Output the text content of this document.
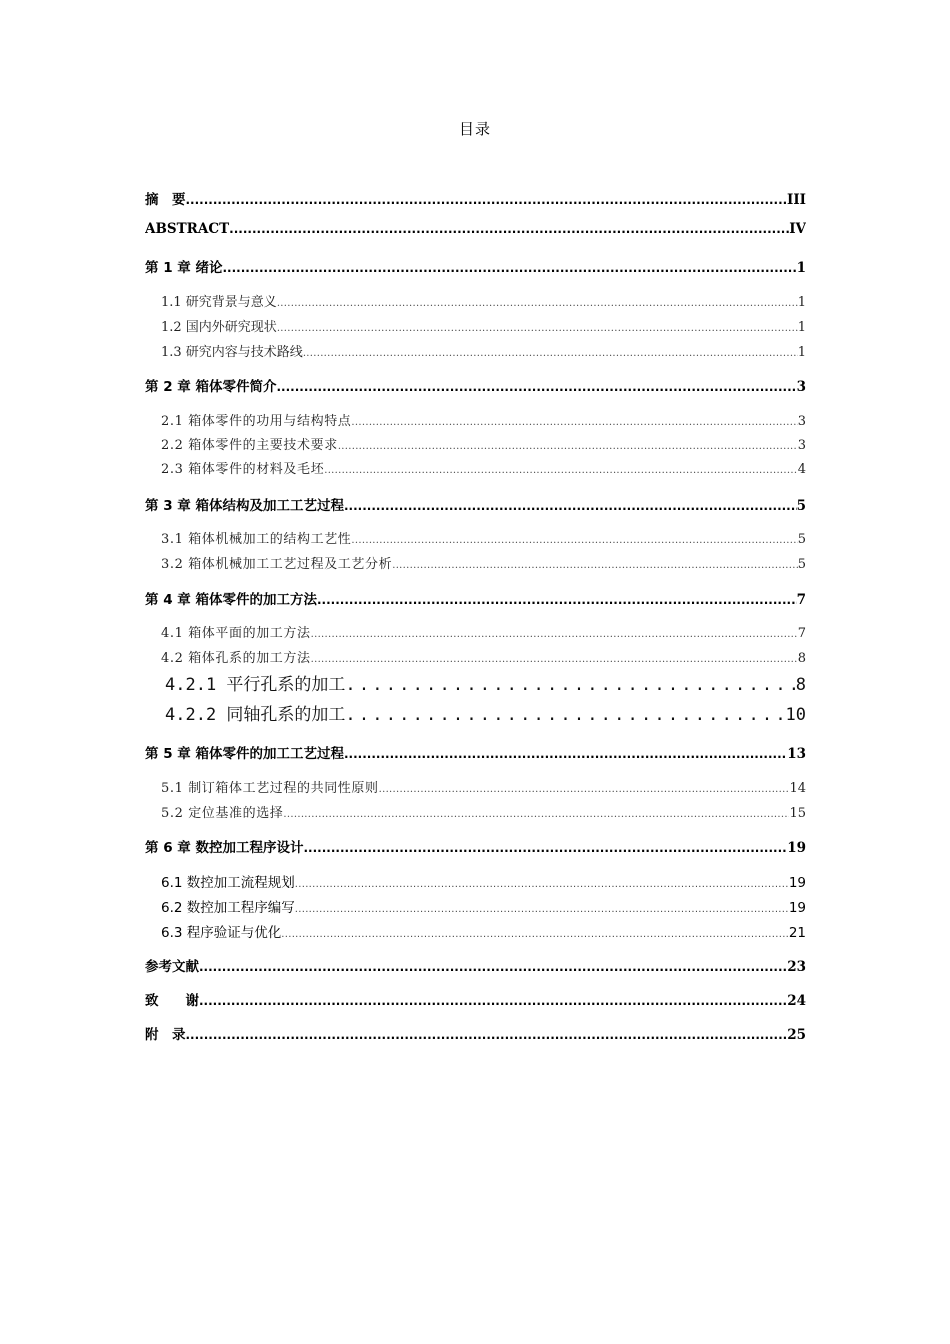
目录
摘　要 .....	III
ABSTRACT .....	IV
第 1 章 绪论 .....	1
1.1 研究背景与意义 .....	1
1.2 国内外研究现状 .....	1
1.3 研究内容与技术路线 .....	1
第 2 章 箱体零件简介 .....	3
2.1 箱体零件的功用与结构特点 .....	3
2.2 箱体零件的主要技术要求 .....	3
2.3 箱体零件的材料及毛坯 .....	4
第 3 章 箱体结构及加工工艺过程 .....	5
3.1 箱体机械加工的结构工艺性 .....	5
3.2 箱体机械加工工艺过程及工艺分析 .....	5
第 4 章 箱体零件的加工方法 .....	7
4.1 箱体平面的加工方法 .....	7
4.2 箱体孔系的加工方法 .....	8
4.2.1 平行孔系的加工 .....	8
4.2.2 同轴孔系的加工 .....	10
第 5 章 箱体零件的加工工艺过程 .....	13
5.1 制订箱体工艺过程的共同性原则 .....	14
5.2 定位基准的选择 .....	15
第 6 章 数控加工程序设计 .....	19
6.1 数控加工流程规划 .....	19
6.2 数控加工程序编写 .....	19
6.3 程序验证与优化 .....	21
参考文献 .....	23
致　　谢 .....	24
附　录 .....	25
